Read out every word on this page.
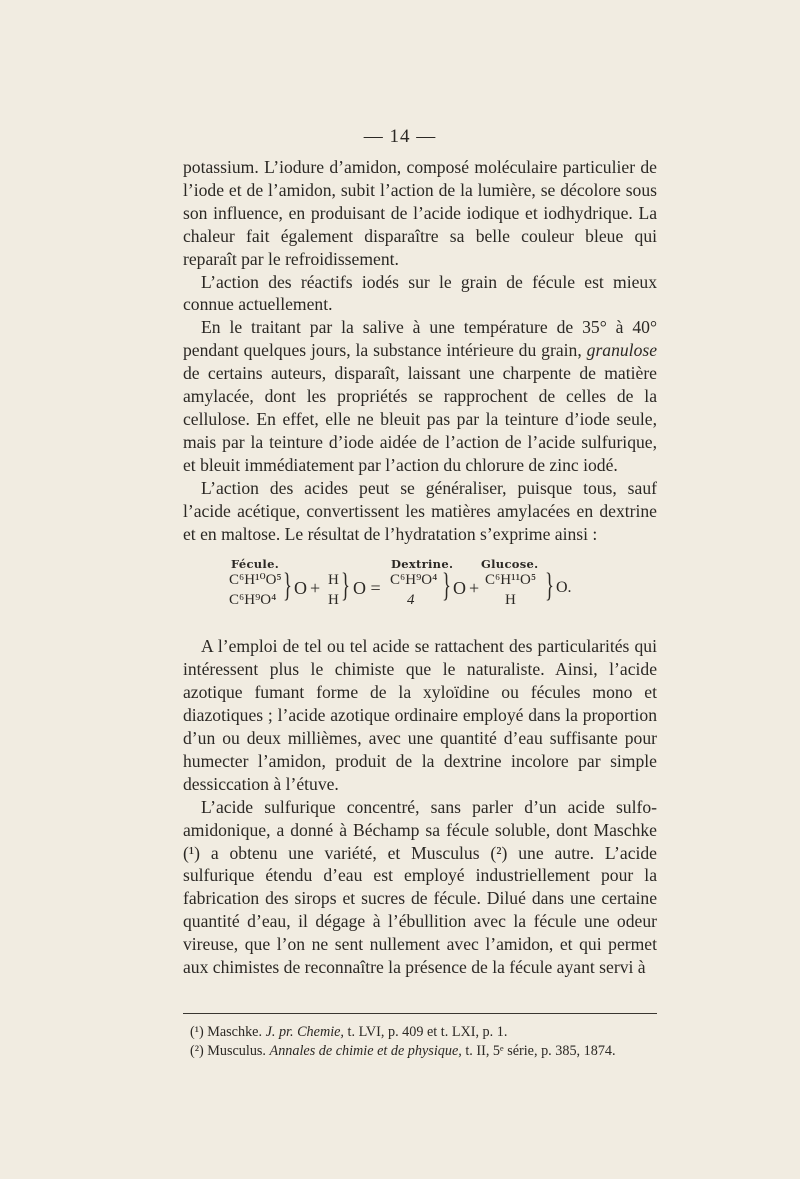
— 14 —

potassium. L’iodure d’amidon, composé moléculaire particulier de l’iode et de l’amidon, subit l’action de la lumière, se décolore sous son influence, en produisant de l’acide iodique et iodhydrique. La chaleur fait également disparaître sa belle couleur bleue qui reparaît par le refroidissement.

L’action des réactifs iodés sur le grain de fécule est mieux connue actuellement.

En le traitant par la salive à une température de 35° à 40° pendant quelques jours, la substance intérieure du grain, granulose de certains auteurs, disparaît, laissant une charpente de matière amylacée, dont les propriétés se rapprochent de celles de la cellulose. En effet, elle ne bleuit pas par la teinture d’iode seule, mais par la teinture d’iode aidée de l’action de l’acide sulfurique, et bleuit immédiatement par l’action du chlorure de zinc iodé.

L’action des acides peut se généraliser, puisque tous, sauf l’acide acétique, convertissent les matières amylacées en dextrine et en maltose. Le résultat de l’hydratation s’exprime ainsi :

Fécule.	Dextrine. Glucose.
C⁶H¹⁰O⁵
C⁶H⁹O⁴ } O + H
H } O = C⁶H⁹O⁴
4 } O + C⁶H¹¹O⁵
H } O.

A l’emploi de tel ou tel acide se rattachent des particularités qui intéressent plus le chimiste que le naturaliste. Ainsi, l’acide azotique fumant forme de la xyloïdine ou fécules mono et diazotiques ; l’acide azotique ordinaire employé dans la proportion d’un ou deux millièmes, avec une quantité d’eau suffisante pour humecter l’amidon, produit de la dextrine incolore par simple dessiccation à l’étuve.

L’acide sulfurique concentré, sans parler d’un acide sulfo-amidonique, a donné à Béchamp sa fécule soluble, dont Maschke (¹) a obtenu une variété, et Musculus (²) une autre. L’acide sulfurique étendu d’eau est employé industriellement pour la fabrication des sirops et sucres de fécule. Dilué dans une certaine quantité d’eau, il dégage à l’ébullition avec la fécule une odeur vireuse, que l’on ne sent nullement avec l’amidon, et qui permet aux chimistes de reconnaître la présence de la fécule ayant servi à

(¹) Maschke. J. pr. Chemie, t. LVI, p. 409 et t. LXI, p. 1.
(²) Musculus. Annales de chimie et de physique, t. II, 5ᵉ série, p. 385, 1874.
